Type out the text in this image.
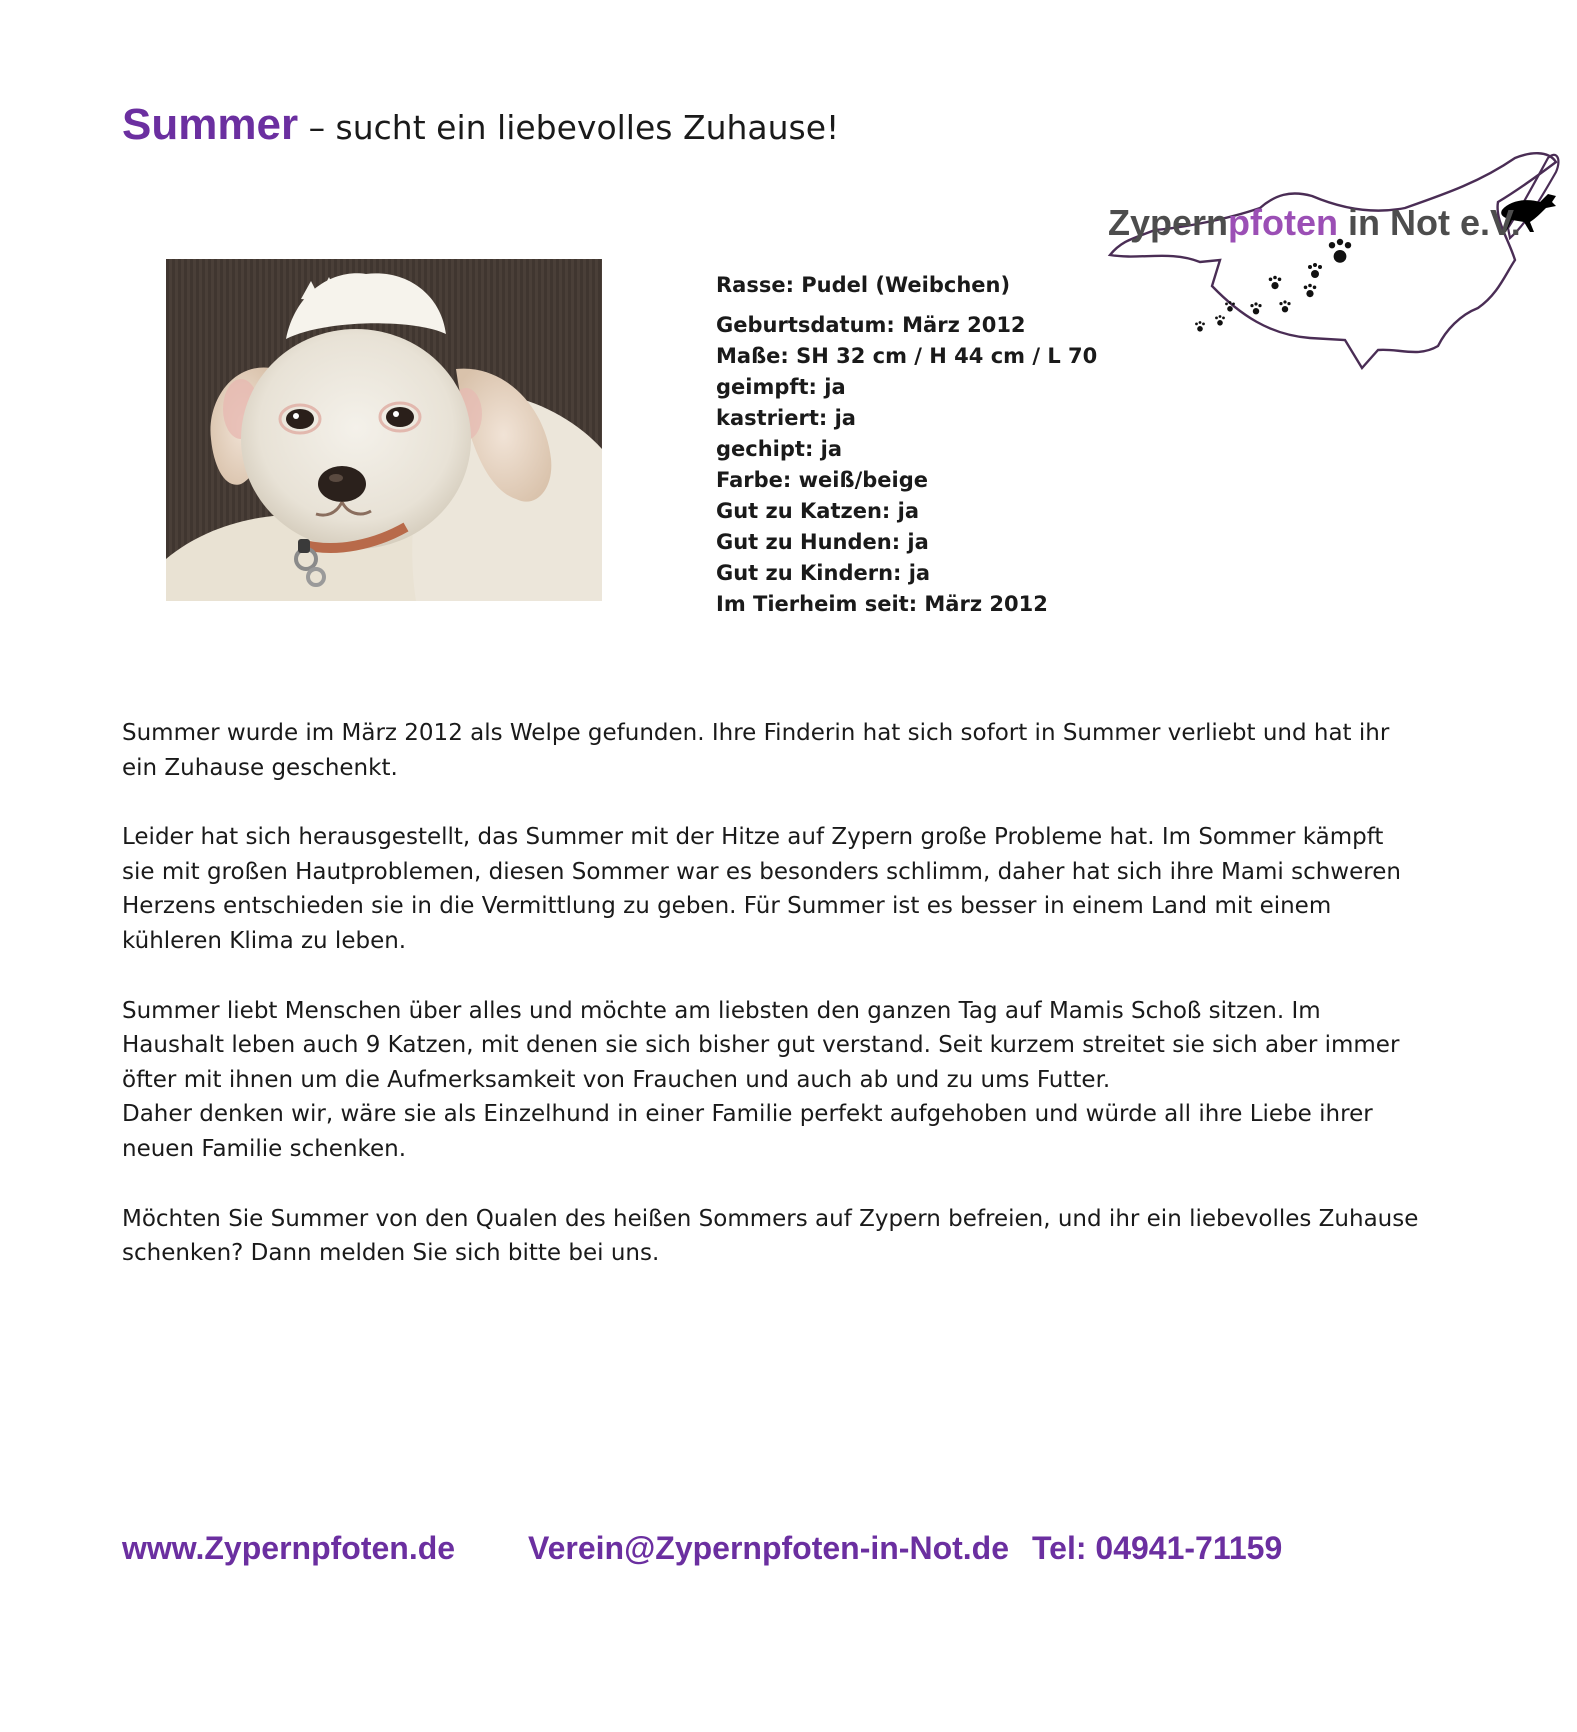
Summer – sucht ein liebevolles Zuhause!
Zypernpfoten in Not e.V.
Rasse: Pudel (Weibchen)
Geburtsdatum: März 2012
Maße: SH 32 cm / H 44 cm / L 70
geimpft: ja
kastriert: ja
gechipt: ja
Farbe: weiß/beige
Gut zu Katzen: ja
Gut zu Hunden: ja
Gut zu Kindern: ja
Im Tierheim seit: März 2012

Summer wurde im März 2012 als Welpe gefunden. Ihre Finderin hat sich sofort in Summer verliebt und hat ihr ein Zuhause geschenkt.

Leider hat sich herausgestellt, das Summer mit der Hitze auf Zypern große Probleme hat. Im Sommer kämpft sie mit großen Hautproblemen, diesen Sommer war es besonders schlimm, daher hat sich ihre Mami schweren Herzens entschieden sie in die Vermittlung zu geben. Für Summer ist es besser in einem Land mit einem kühleren Klima zu leben.

Summer liebt Menschen über alles und möchte am liebsten den ganzen Tag auf Mamis Schoß sitzen. Im Haushalt leben auch 9 Katzen, mit denen sie sich bisher gut verstand. Seit kurzem streitet sie sich aber immer öfter mit ihnen um die Aufmerksamkeit von Frauchen und auch ab und zu ums Futter.

Daher denken wir, wäre sie als Einzelhund in einer Familie perfekt aufgehoben und würde all ihre Liebe ihrer neuen Familie schenken.

Möchten Sie Summer von den Qualen des heißen Sommers auf Zypern befreien, und ihr ein liebevolles Zuhause schenken? Dann melden Sie sich bitte bei uns.

www.Zypernpfoten.de Verein@Zypernpfoten-in-Not.de Tel: 04941-71159
